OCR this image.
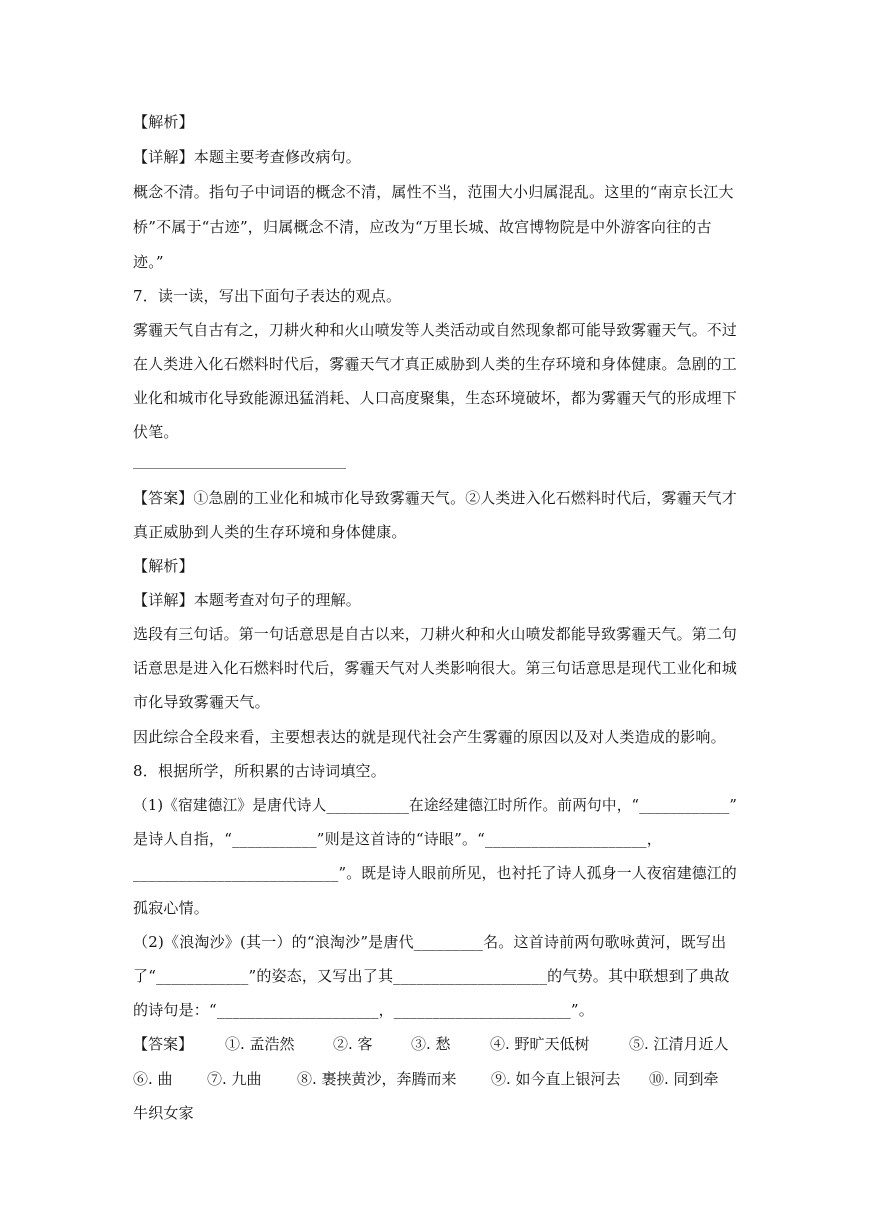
【解析】
【详解】本题主要考查修改病句。
概念不清。指句子中词语的概念不清，属性不当，范围大小归属混乱。这里的“南京长江大
桥”不属于“古迹”，归属概念不清，应改为“万里长城、故宫博物院是中外游客向往的古
迹。”
7．读一读，写出下面句子表达的观点。
雾霾天气自古有之，刀耕火种和火山喷发等人类活动或自然现象都可能导致雾霾天气。不过
在人类进入化石燃料时代后，雾霾天气才真正威胁到人类的生存环境和身体健康。急剧的工
业化和城市化导致能源迅猛消耗、人口高度聚集，生态环境破坏，都为雾霾天气的形成埋下
伏笔。
【答案】①急剧的工业化和城市化导致雾霾天气。②人类进入化石燃料时代后，雾霾天气才
真正威胁到人类的生存环境和身体健康。
【解析】
【详解】本题考查对句子的理解。
选段有三句话。第一句话意思是自古以来，刀耕火种和火山喷发都能导致雾霾天气。第二句
话意思是进入化石燃料时代后，雾霾天气对人类影响很大。第三句话意思是现代工业化和城
市化导致雾霾天气。
因此综合全段来看，主要想表达的就是现代社会产生雾霾的原因以及对人类造成的影响。
8．根据所学，所积累的古诗词填空。
（1)《宿建德江》是唐代诗人___________在途经建德江时所作。前两句中，“____________”
是诗人自指，“___________”则是这首诗的“诗眼”。“_____________________，
___________________________”。既是诗人眼前所见，也衬托了诗人孤身一人夜宿建德江的
孤寂心情。
（2)《浪淘沙》(其一）的“浪淘沙”是唐代_________名。这首诗前两句歌咏黄河，既写出
了“____________”的姿态，又写出了其____________________的气势。其中联想到了典故
的诗句是：“_____________________，_______________________”。
【答案】 ①. 孟浩然	②. 客	③. 愁	④. 野旷天低树	⑤. 江清月近人
⑥. 曲 ⑦. 九曲 ⑧. 裹挟黄沙，奔腾而来 ⑨. 如今直上银河去 ⑩. 同到牵
牛织女家
